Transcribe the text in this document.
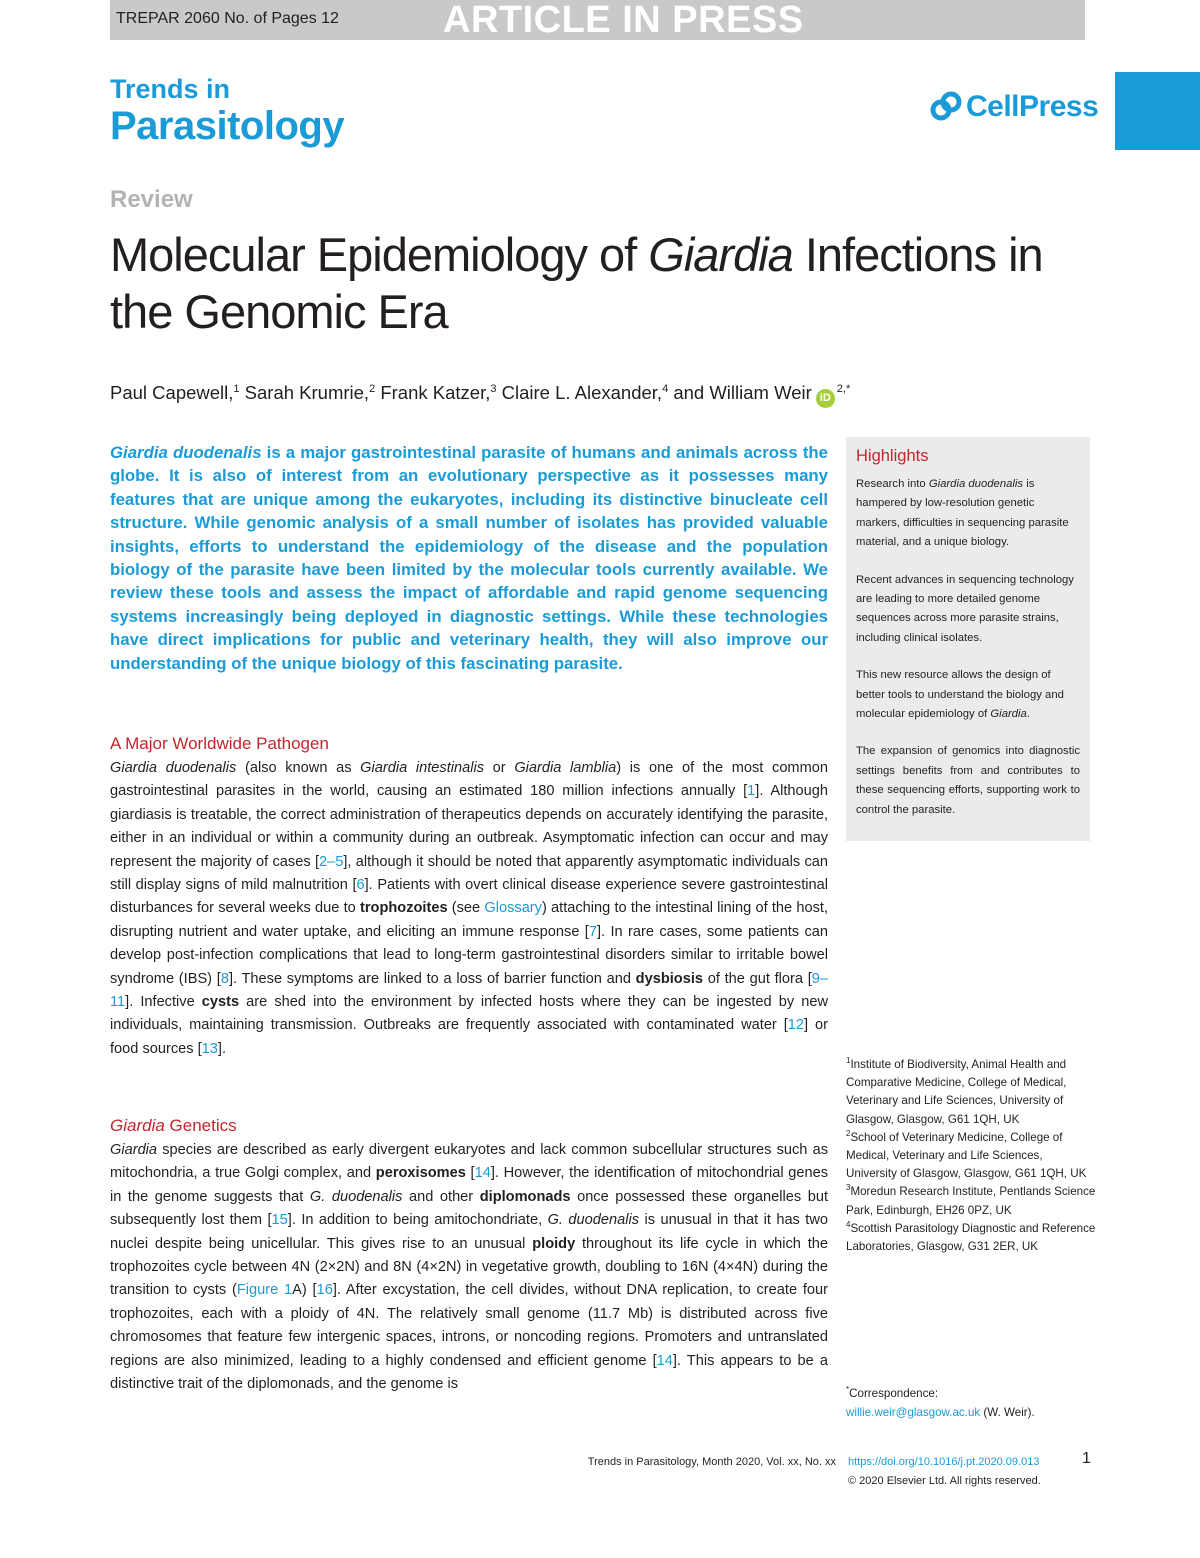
TREPAR 2060 No. of Pages 12	ARTICLE IN PRESS
Trends in
Parasitology	CellPress
Review
Molecular Epidemiology of Giardia Infections in the Genomic Era
Paul Capewell,$^1$ Sarah Krumrie,$^2$ Frank Katzer,$^3$ Claire L. Alexander,$^4$ and William Weir $iD^{2,*}$
Giardia duodenalis is a major gastrointestinal parasite of humans and animals across the globe. It is also of interest from an evolutionary perspective as it possesses many features that are unique among the eukaryotes, including its distinctive binucleate cell structure. While genomic analysis of a small number of isolates has provided valuable insights, efforts to understand the epidemiology of the disease and the population biology of the parasite have been limited by the molecular tools currently available. We review these tools and assess the impact of affordable and rapid genome sequencing systems increasingly being deployed in diagnostic settings. While these technologies have direct implications for public and veterinary health, they will also improve our understanding of the unique biology of this fascinating parasite.
A Major Worldwide Pathogen
Giardia duodenalis (also known as Giardia intestinalis or Giardia lamblia) is one of the most common gastrointestinal parasites in the world, causing an estimated 180 million infections annually [1]. Although giardiasis is treatable, the correct administration of therapeutics depends on accurately identifying the parasite, either in an individual or within a community during an outbreak. Asymptomatic infection can occur and may represent the majority of cases [2–5], although it should be noted that apparently asymptomatic individuals can still display signs of mild malnutrition [6]. Patients with overt clinical disease experience severe gastrointestinal disturbances for several weeks due to trophozoites (see Glossary) attaching to the intestinal lining of the host, disrupting nutrient and water uptake, and eliciting an immune response [7]. In rare cases, some patients can develop post-infection complications that lead to long-term gastrointestinal disorders similar to irritable bowel syndrome (IBS) [8]. These symptoms are linked to a loss of barrier function and dysbiosis of the gut flora [9–11]. Infective cysts are shed into the environment by infected hosts where they can be ingested by new individuals, maintaining transmission. Outbreaks are frequently associated with contaminated water [12] or food sources [13].
Giardia Genetics
Giardia species are described as early divergent eukaryotes and lack common subcellular structures such as mitochondria, a true Golgi complex, and peroxisomes [14]. However, the identification of mitochondrial genes in the genome suggests that G. duodenalis and other diplomonads once possessed these organelles but subsequently lost them [15]. In addition to being amitochondriate, G. duodenalis is unusual in that it has two nuclei despite being unicellular. This gives rise to an unusual ploidy throughout its life cycle in which the trophozoites cycle between 4N (2×2N) and 8N (4×2N) in vegetative growth, doubling to 16N (4×4N) during the transition to cysts (Figure 1A) [16]. After excystation, the cell divides, without DNA replication, to create four trophozoites, each with a ploidy of 4N. The relatively small genome (11.7 Mb) is distributed across five chromosomes that feature few intergenic spaces, introns, or noncoding regions. Promoters and untranslated regions are also minimized, leading to a highly condensed and efficient genome [14]. This appears to be a distinctive trait of the diplomonads, and the genome is
Highlights

Research into Giardia duodenalis is hampered by low-resolution genetic markers, difficulties in sequencing parasite material, and a unique biology.

Recent advances in sequencing technology are leading to more detailed genome sequences across more parasite strains, including clinical isolates.

This new resource allows the design of better tools to understand the biology and molecular epidemiology of Giardia.

The expansion of genomics into diagnostic settings benefits from and contributes to these sequencing efforts, supporting work to control the parasite.

$^1$Institute of Biodiversity, Animal Health and Comparative Medicine, College of Medical, Veterinary and Life Sciences, University of Glasgow, Glasgow, G61 1QH, UK
$^2$School of Veterinary Medicine, College of Medical, Veterinary and Life Sciences, University of Glasgow, Glasgow, G61 1QH, UK
$^3$Moredun Research Institute, Pentlands Science Park, Edinburgh, EH26 0PZ, UK
$^4$Scottish Parasitology Diagnostic and Reference Laboratories, Glasgow, G31 2ER, UK
*Correspondence:
willie.weir@glasgow.ac.uk (W. Weir).
Trends in Parasitology, Month 2020, Vol. xx, No. xx https://doi.org/10.1016/j.pt.2020.09.013	1
© 2020 Elsevier Ltd. All rights reserved.
